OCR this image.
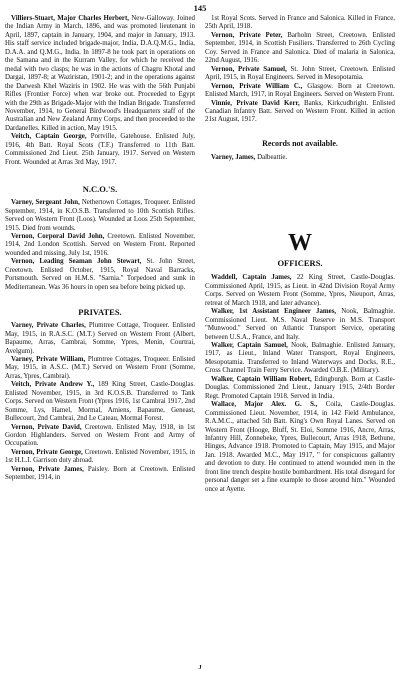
145

Villiers-Stuart, Major Charles Herbert, New-Galloway. Joined the Indian Army in March, 1896, and was promoted lieutenant in April, 1897, captain in January, 1904, and major in January, 1913. His staff service included brigade-major, India, D.A.Q.M.G., India, D.A.A. and Q.M.G., India. In 1897-8 he took part in operations on the Samana and in the Kurram Valley, for which he received the medal with two clasps; he was in the actions of Chagru Khotal and Dargai, 1897-8; at Waziristan, 1901-2; and in the operations against the Darwesh Khel Waziris in 1902. He was with the 56th Punjabi Rifles (Frontier Force) when war broke out. Proceeded to Egypt with the 29th as Brigade-Major with the Indian Brigade. Transferred November, 1914, to General Birdwood's Headquarters staff of the Australian and New Zealand Army Corps, and then proceeded to the Dardanelles. Killed in action, May 1915.

Veitch, Captain George, Portville, Gatehouse. Enlisted July, 1916, 4th Batt. Royal Scots (T.F.) Transferred to 11th Batt. Commissioned 2nd Lieut. 25th January, 1917. Served on Western Front. Wounded at Arras 3rd May, 1917.

N.C.O.'S.

Varney, Sergeant John, Nethertown Cottages, Troqueer. Enlisted September, 1914, in K.O.S.B. Transferred to 10th Scottish Rifles. Served on Western Front (Loos). Wounded at Loos 25th September, 1915. Died from wounds.

Vernon, Corporal David John, Creetown. Enlisted November, 1914, 2nd London Scottish. Served on Western Front. Reported wounded and missing, July 1st, 1916.

Vernon, Leading Seaman John Stewart, St. John Street, Creetown. Enlisted October, 1915, Royal Naval Barracks, Portsmouth. Served on H.M.S. "Sarnia." Torpedoed and sunk in Mediterranean. Was 36 hours in open sea before being picked up.

PRIVATES.

Varney, Private Charles, Plumtree Cottage, Troqueer. Enlisted May, 1915, in R.A.S.C. (M.T.) Served on Western Front (Albert, Bapaume, Arras, Cambrai, Somme, Ypres, Menin, Courtrai, Avelgum).

Varney, Private William, Plumtree Cottages, Troqueer. Enlisted May, 1915, in A.S.C. (M.T.) Served on Western Front (Somme, Arras, Ypres, Cambrai).

Veitch, Private Andrew Y., 189 King Street, Castle-Douglas. Enlisted November, 1915, in 3rd K.O.S.B. Transferred to Tank Corps. Served on Western Front (Ypres 1916, 1st Cambrai 1917, 2nd Somme, Lys, Hamel, Mormal, Amiens, Bapaume, Geneast, Bullecourt, 2nd Cambrai, 2nd Le Cateau, Mormal Forest.

Vernon, Private David, Creetown. Enlisted May, 1918, in 1st Gordon Highlanders. Served on Western Front and Army of Occupation.

Vernon, Private George, Creetown. Enlisted November, 1915, in 1st H.L.I. Garrison duty abroad.

Vernon, Private James, Paisley. Born at Creetown. Enlisted September, 1914, in

1st Royal Scots. Served in France and Salonica. Killed in France, 25th April, 1918.

Vernon, Private Peter, Barholm Street, Creetown. Enlisted September, 1914, in Scottish Fusiliers. Transferred to 26th Cycling Coy. Served in France and Salonica. Died of malaria in Salonica, 22nd August, 1916.

Vernon, Private Samuel, St. John Street, Creetown. Enlisted April, 1915, in Royal Engineers. Served in Mesopotamia.

Vernon, Private William C., Glasgow. Born at Creetown. Enlisted March, 1917, in Royal Engineers. Served on Western Front.

Vinnie, Private David Kerr, Banks, Kirkcudbright. Enlisted Canadian Infantry Batt. Served on Western Front. Killed in action 21st August, 1917.

Records not available.

Varney, James, Dalbeattie.

W

OFFICERS.

Waddell, Captain James, 22 King Street, Castle-Douglas. Commissioned April, 1915, as Lieut. in 42nd Division Royal Army Corps. Served on Western Front (Somme, Ypres, Nieuport, Arras, retreat of March 1918, and later advance).

Walker, 1st Assistant Engineer James, Nook, Balmaghie. Commissioned Lieut. M.S. Naval Reserve in M.S. Transport "Munwood." Served on Atlantic Transport Service, operating between U.S.A., France, and Italy.

Walker, Captain Samuel, Nook, Balmaghie. Enlisted January, 1917, as Lieut., Inland Water Transport, Royal Engineers, Mesopotamia. Transferred to Inland Waterways and Docks, R.E., Cross Channel Train Ferry Service. Awarded O.B.E. (Military).

Walker, Captain William Robert, Edingburgh. Born at Castle-Douglas. Commissioned 2nd Lieut., January 1915, 2/4th Border Regt. Promoted Captain 1918. Served in India.

Wallace, Major Alex. G. S., Coila, Castle-Douglas. Commissioned Lieut. November, 1914, in 142 Field Ambulance, R.A.M.C., attached 5th Batt. King's Own Royal Lanes. Served on Western Front (Hooge, Bluff, St. Eloi, Somme 1916, Ancre, Arras, Infantry Hill, Zonnebeke, Ypres, Bullecourt, Arras 1918, Bethune, Hinges, Advance 1918. Promoted to Captain, May 1915, and Major Jan. 1918. Awarded M.C., May 1917, " for conspicuous gallantry and devotion to duty. He continued to attend wounded men in the front line trench despite hostile bombardment. His total disregard for personal danger set a fine example to those around him." Wounded once at Ayette.

J
